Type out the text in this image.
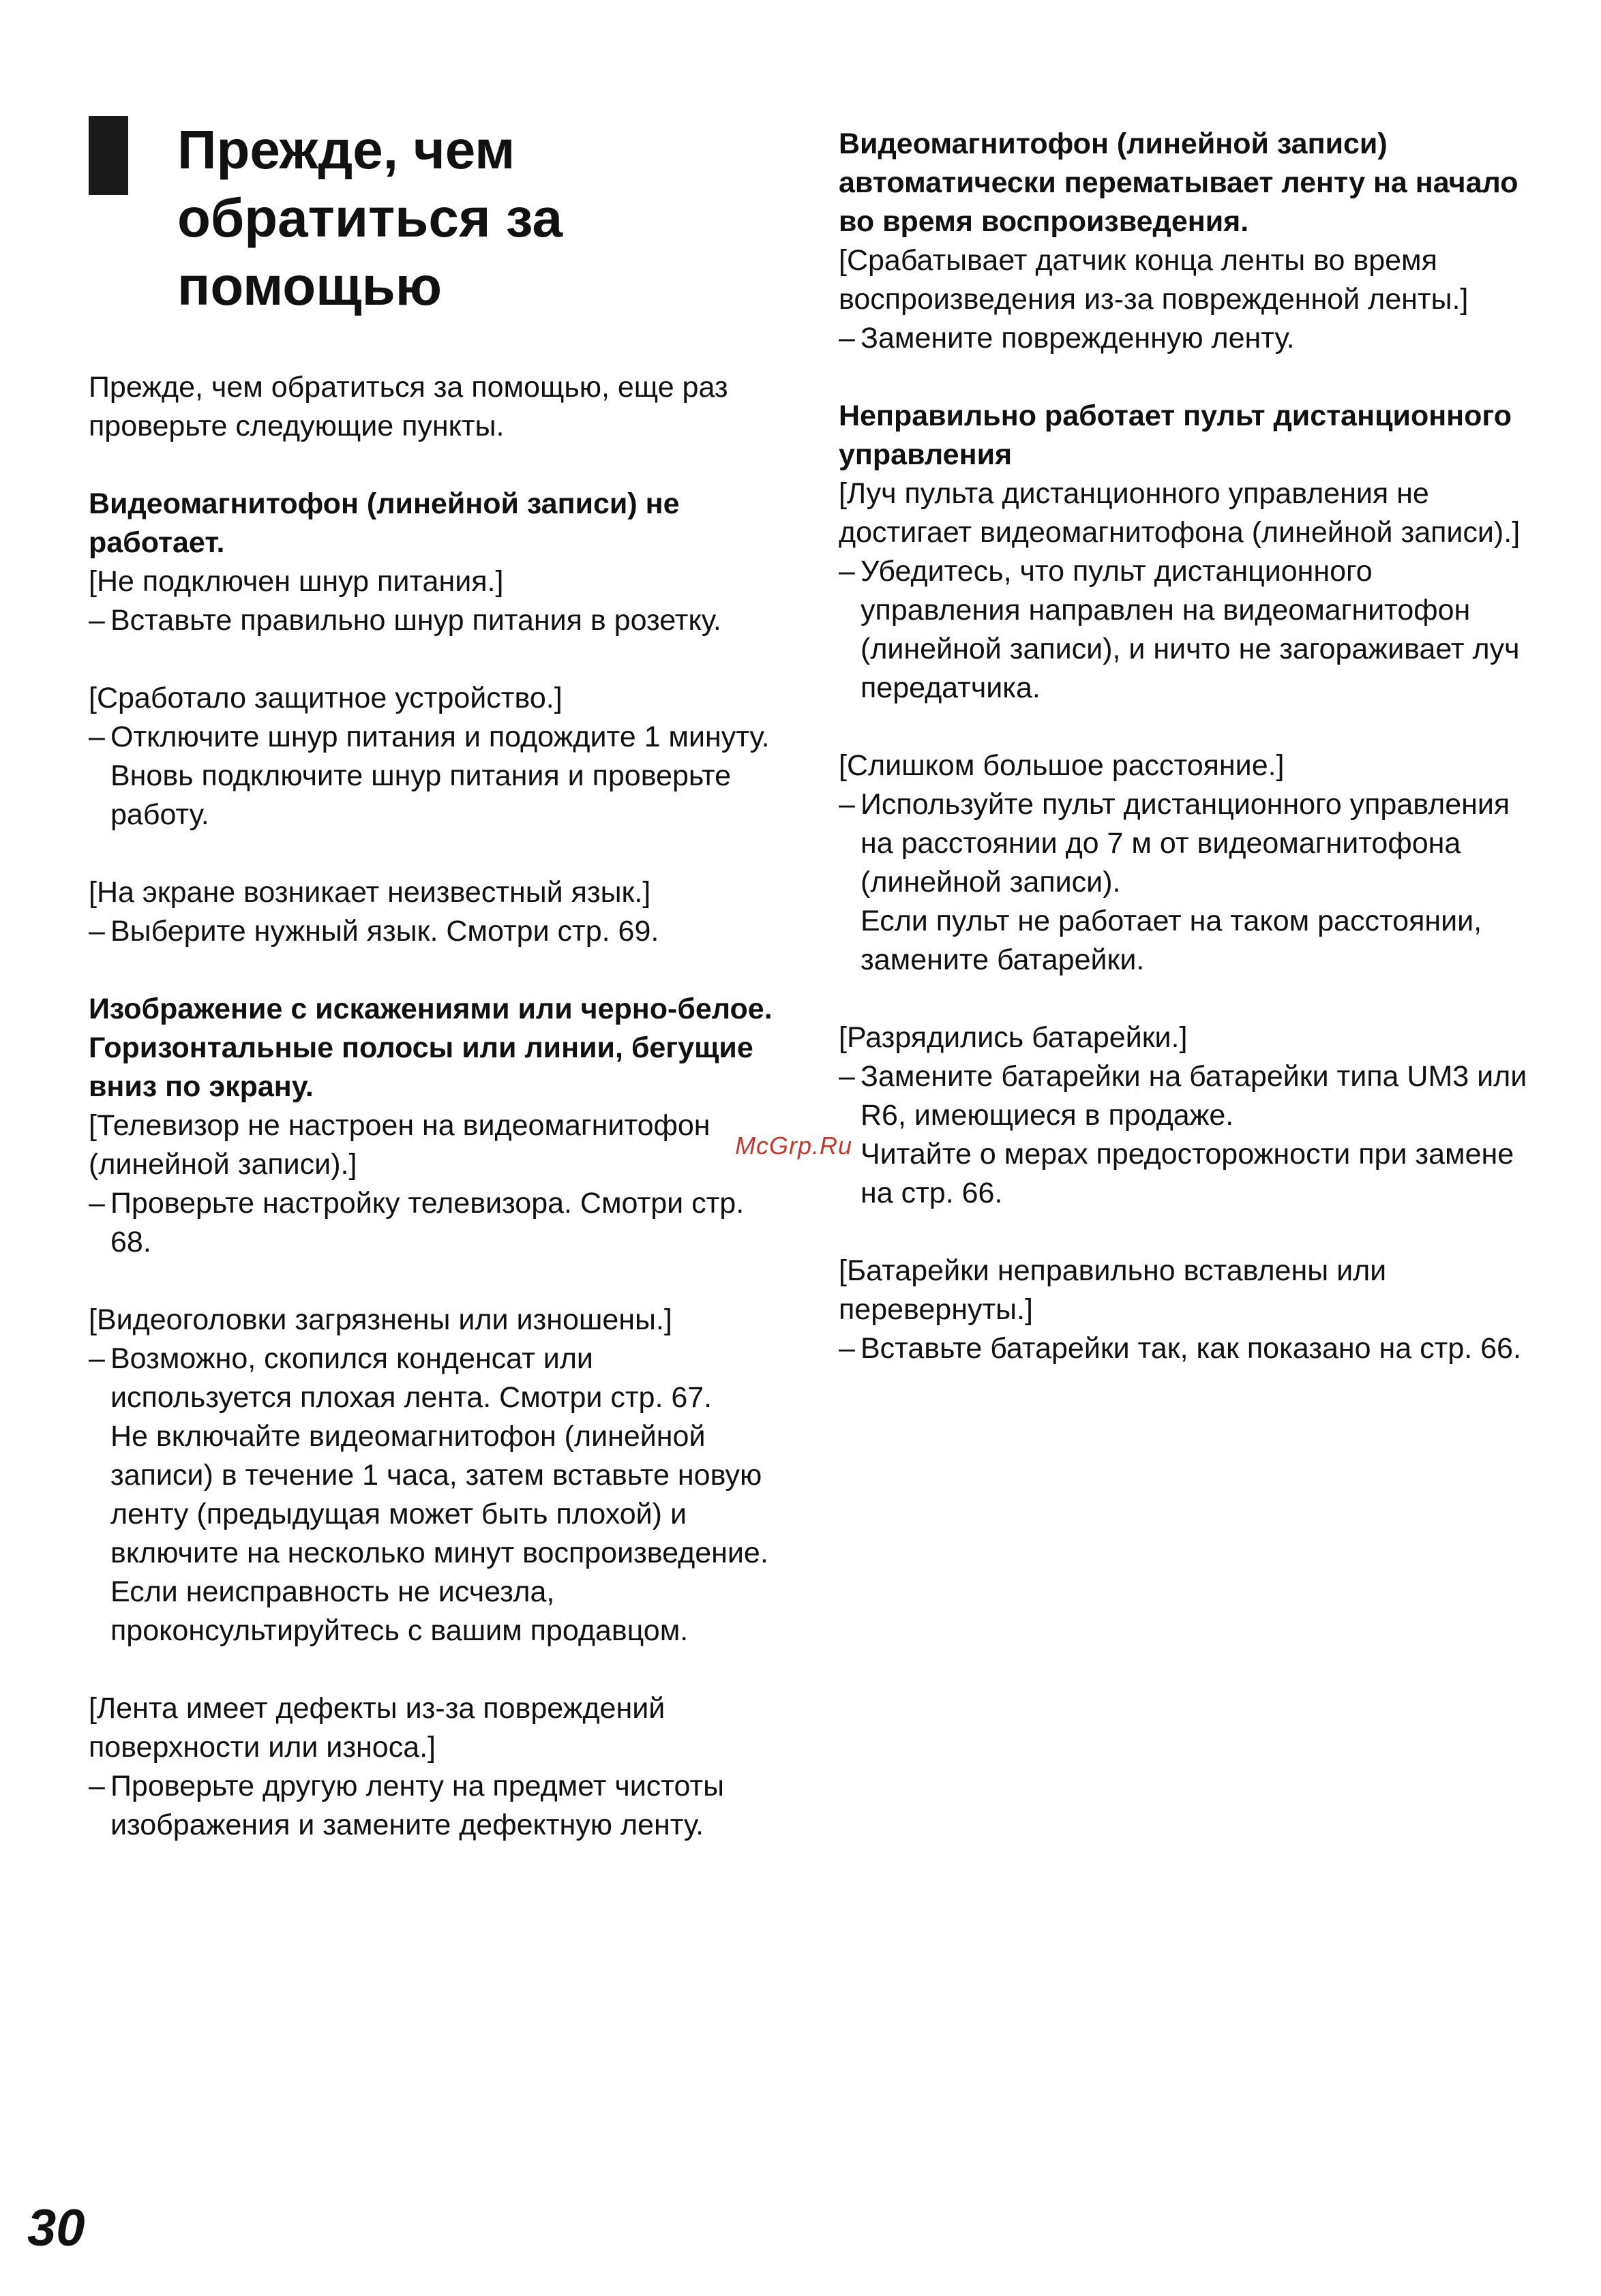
Прежде, чем
обратиться за
помощью

Прежде, чем обратиться за помощью, еще раз проверьте следующие пункты.

Видеомагнитофон (линейной записи) не работает.

[Не подключен шнур питания.]

– Вставьте правильно шнур питания в розетку.

[Сработало защитное устройство.]

– Отключите шнур питания и подождите 1 минуту. Вновь подключите шнур питания и проверьте работу.

[На экране возникает неизвестный язык.]

– Выберите нужный язык. Смотри стр. 69.

Изображение с искажениями или черно-белое.

Горизонтальные полосы или линии, бегущие вниз по экрану.

[Телевизор не настроен на видеомагнитофон (линейной записи).]

– Проверьте настройку телевизора. Смотри стр. 68.

[Видеоголовки загрязнены или изношены.]

– Возможно, скопился конденсат или используется плохая лента. Смотри стр. 67.

Не включайте видеомагнитофон (линейной записи) в течение 1 часа, затем вставьте новую ленту (предыдущая может быть плохой) и включите на несколько минут воспроизведение. Если неисправность не исчезла, проконсультируйтесь с вашим продавцом.

[Лента имеет дефекты из-за повреждений поверхности или износа.]

– Проверьте другую ленту на предмет чистоты изображения и замените дефектную ленту.

Видеомагнитофон (линейной записи) автоматически перематывает ленту на начало во время воспроизведения.

[Срабатывает датчик конца ленты во время воспроизведения из-за поврежденной ленты.]

– Замените поврежденную ленту.

Неправильно работает пульт дистанционного управления

[Луч пульта дистанционного управления не достигает видеомагнитофона (линейной записи).]

– Убедитесь, что пульт дистанционного управления направлен на видеомагнитофон (линейной записи), и ничто не загораживает луч передатчика.

[Слишком большое расстояние.]

– Используйте пульт дистанционного управления на расстоянии до 7 м от видеомагнитофона (линейной записи).

Если пульт не работает на таком расстоянии, замените батарейки.

[Разрядились батарейки.]

– Замените батарейки на батарейки типа UM3 или R6, имеющиеся в продаже.

Читайте о мерах предосторожности при замене на стр. 66.

[Батарейки неправильно вставлены или перевернуты.]

– Вставьте батарейки так, как показано на стр. 66.

McGrp.Ru
30
